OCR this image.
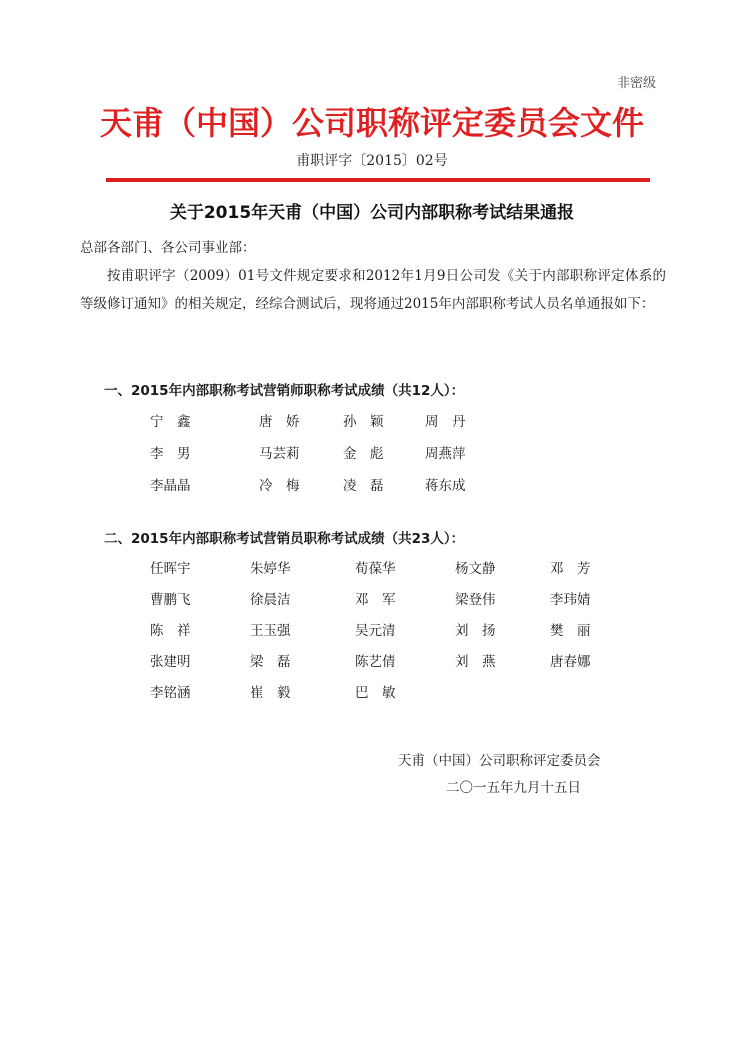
非密级
天甫（中国）公司职称评定委员会文件
甫职评字〔2015〕02号
关于2015年天甫（中国）公司内部职称考试结果通报
总部各部门、各公司事业部：
按甫职评字（2009）01号文件规定要求和2012年1月9日公司发《关于内部职称评定体系的等级修订通知》的相关规定，经综合测试后，现将通过2015年内部职称考试人员名单通报如下：
一、2015年内部职称考试营销师职称考试成绩（共12人）：
宁　鑫	唐　娇	孙　颖	周　丹
李　男	马芸莉	金　彪	周燕萍
李晶晶	冷　梅	凌　磊	蒋东成
二、2015年内部职称考试营销员职称考试成绩（共23人）：
任晖宇	朱婷华	荀葆华	杨文静	邓　芳
曹鹏飞	徐晨洁	邓　军	梁登伟	李玮婧
陈　祥	王玉强	吴元清	刘　扬	樊　丽
张建明	梁　磊	陈艺倩	刘　燕	唐春娜
李铭涵	崔　毅	巴　敏
天甫（中国）公司职称评定委员会
二〇一五年九月十五日
